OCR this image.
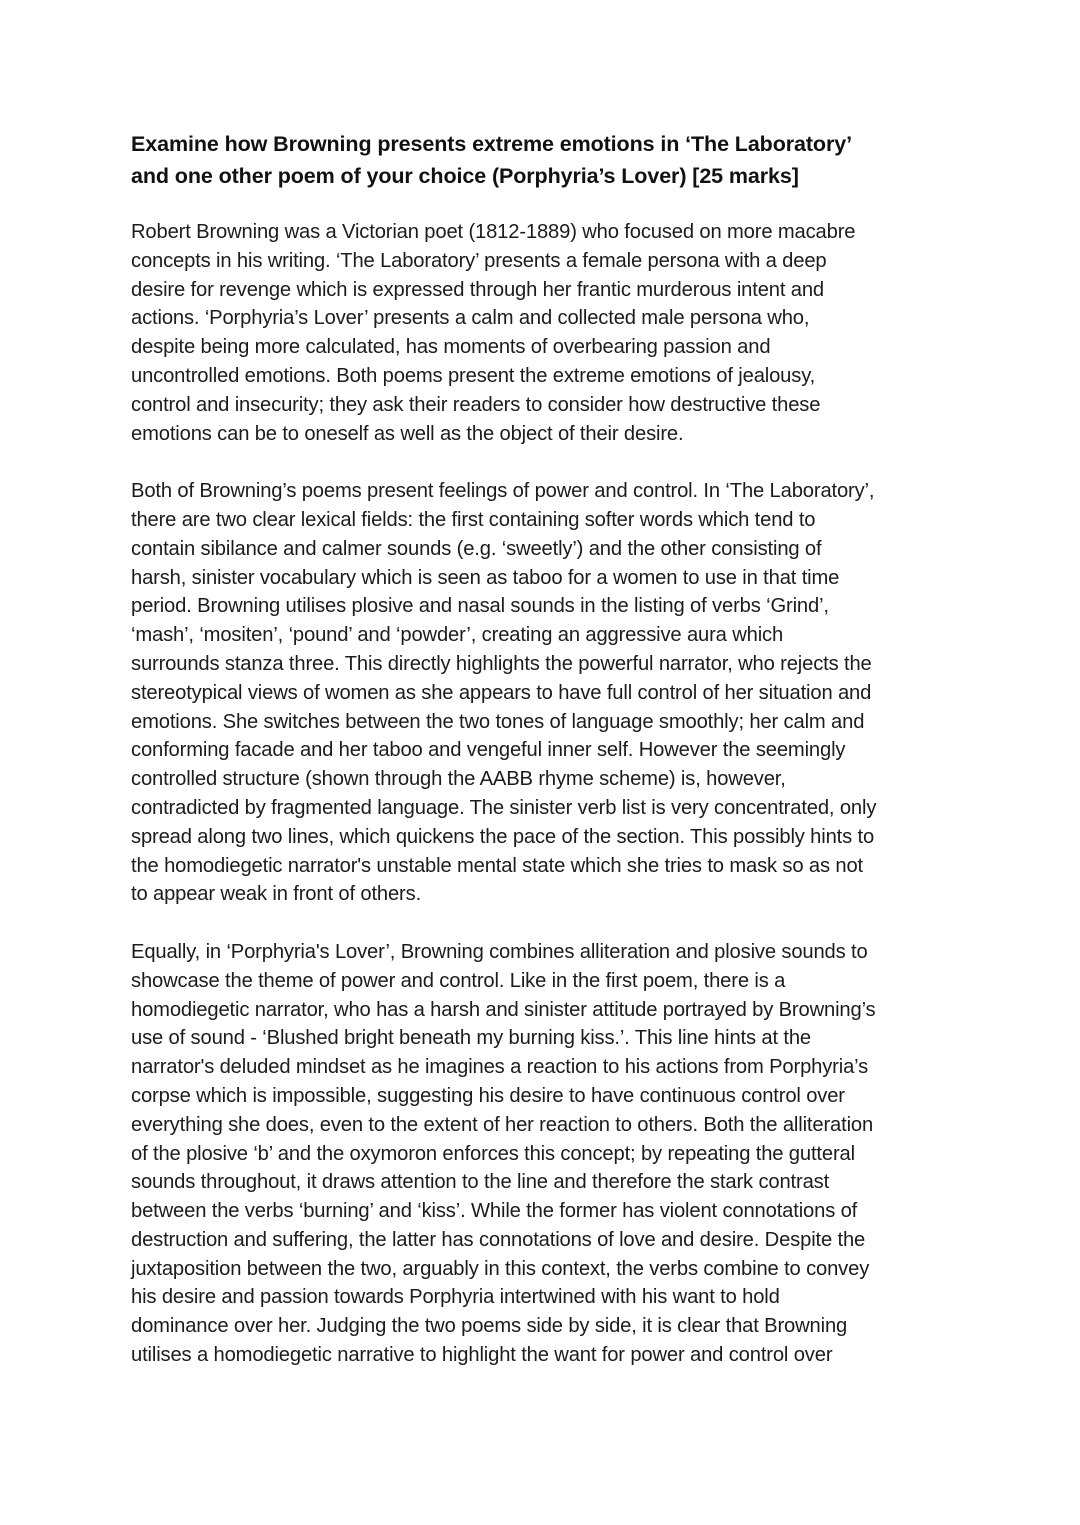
Examine how Browning presents extreme emotions in ‘The Laboratory’
and one other poem of your choice (Porphyria’s Lover) [25 marks]

Robert Browning was a Victorian poet (1812-1889) who focused on more macabre
concepts in his writing. ‘The Laboratory’ presents a female persona with a deep
desire for revenge which is expressed through her frantic murderous intent and
actions. ‘Porphyria’s Lover’ presents a calm and collected male persona who,
despite being more calculated, has moments of overbearing passion and
uncontrolled emotions. Both poems present the extreme emotions of jealousy,
control and insecurity; they ask their readers to consider how destructive these
emotions can be to oneself as well as the object of their desire.

Both of Browning’s poems present feelings of power and control. In ‘The Laboratory’,
there are two clear lexical fields: the first containing softer words which tend to
contain sibilance and calmer sounds (e.g. ‘sweetly’) and the other consisting of
harsh, sinister vocabulary which is seen as taboo for a women to use in that time
period. Browning utilises plosive and nasal sounds in the listing of verbs ‘Grind’,
‘mash’, ‘mositen’, ‘pound’ and ‘powder’, creating an aggressive aura which
surrounds stanza three. This directly highlights the powerful narrator, who rejects the
stereotypical views of women as she appears to have full control of her situation and
emotions. She switches between the two tones of language smoothly; her calm and
conforming facade and her taboo and vengeful inner self. However the seemingly
controlled structure (shown through the AABB rhyme scheme) is, however,
contradicted by fragmented language. The sinister verb list is very concentrated, only
spread along two lines, which quickens the pace of the section. This possibly hints to
the homodiegetic narrator's unstable mental state which she tries to mask so as not
to appear weak in front of others.

Equally, in ‘Porphyria's Lover’, Browning combines alliteration and plosive sounds to
showcase the theme of power and control. Like in the first poem, there is a
homodiegetic narrator, who has a harsh and sinister attitude portrayed by Browning’s
use of sound - ‘Blushed bright beneath my burning kiss.’. This line hints at the
narrator's deluded mindset as he imagines a reaction to his actions from Porphyria’s
corpse which is impossible, suggesting his desire to have continuous control over
everything she does, even to the extent of her reaction to others. Both the alliteration
of the plosive ‘b’ and the oxymoron enforces this concept; by repeating the gutteral
sounds throughout, it draws attention to the line and therefore the stark contrast
between the verbs ‘burning’ and ‘kiss’. While the former has violent connotations of
destruction and suffering, the latter has connotations of love and desire. Despite the
juxtaposition between the two, arguably in this context, the verbs combine to convey
his desire and passion towards Porphyria intertwined with his want to hold
dominance over her. Judging the two poems side by side, it is clear that Browning
utilises a homodiegetic narrative to highlight the want for power and control over
